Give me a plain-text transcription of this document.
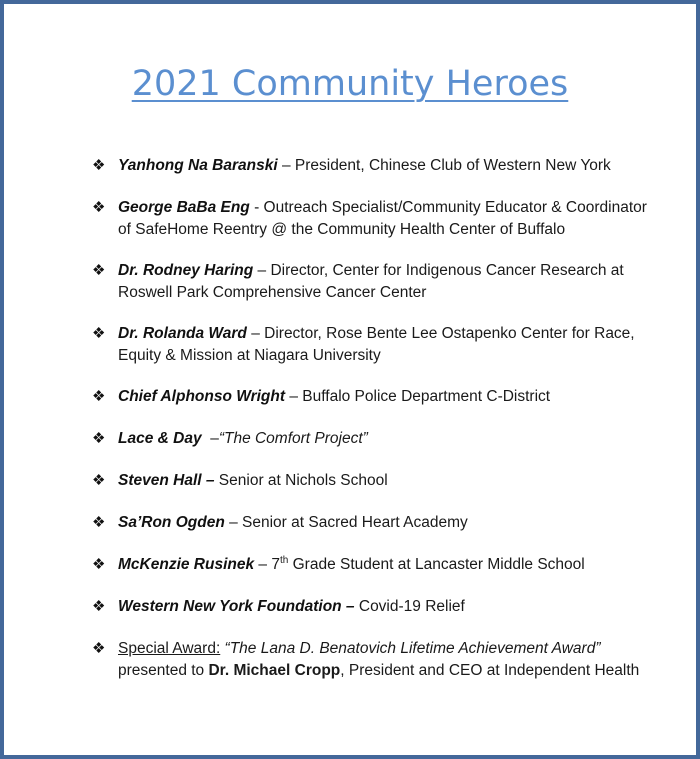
2021 Community Heroes
❖ Yanhong Na Baranski – President, Chinese Club of Western New York
❖ George BaBa Eng - Outreach Specialist/Community Educator & Coordinator
of SafeHome Reentry @ the Community Health Center of Buffalo
❖ Dr. Rodney Haring – Director, Center for Indigenous Cancer Research at
Roswell Park Comprehensive Cancer Center
❖ Dr. Rolanda Ward – Director, Rose Bente Lee Ostapenko Center for Race,
Equity & Mission at Niagara University
❖ Chief Alphonso Wright – Buffalo Police Department C-District
❖ Lace & Day  –“The Comfort Project”
❖ Steven Hall – Senior at Nichols School
❖ Sa’Ron Ogden – Senior at Sacred Heart Academy
❖ McKenzie Rusinek – 7th Grade Student at Lancaster Middle School
❖ Western New York Foundation – Covid-19 Relief
❖ Special Award: “The Lana D. Benatovich Lifetime Achievement Award”
presented to Dr. Michael Cropp, President and CEO at Independent Health
